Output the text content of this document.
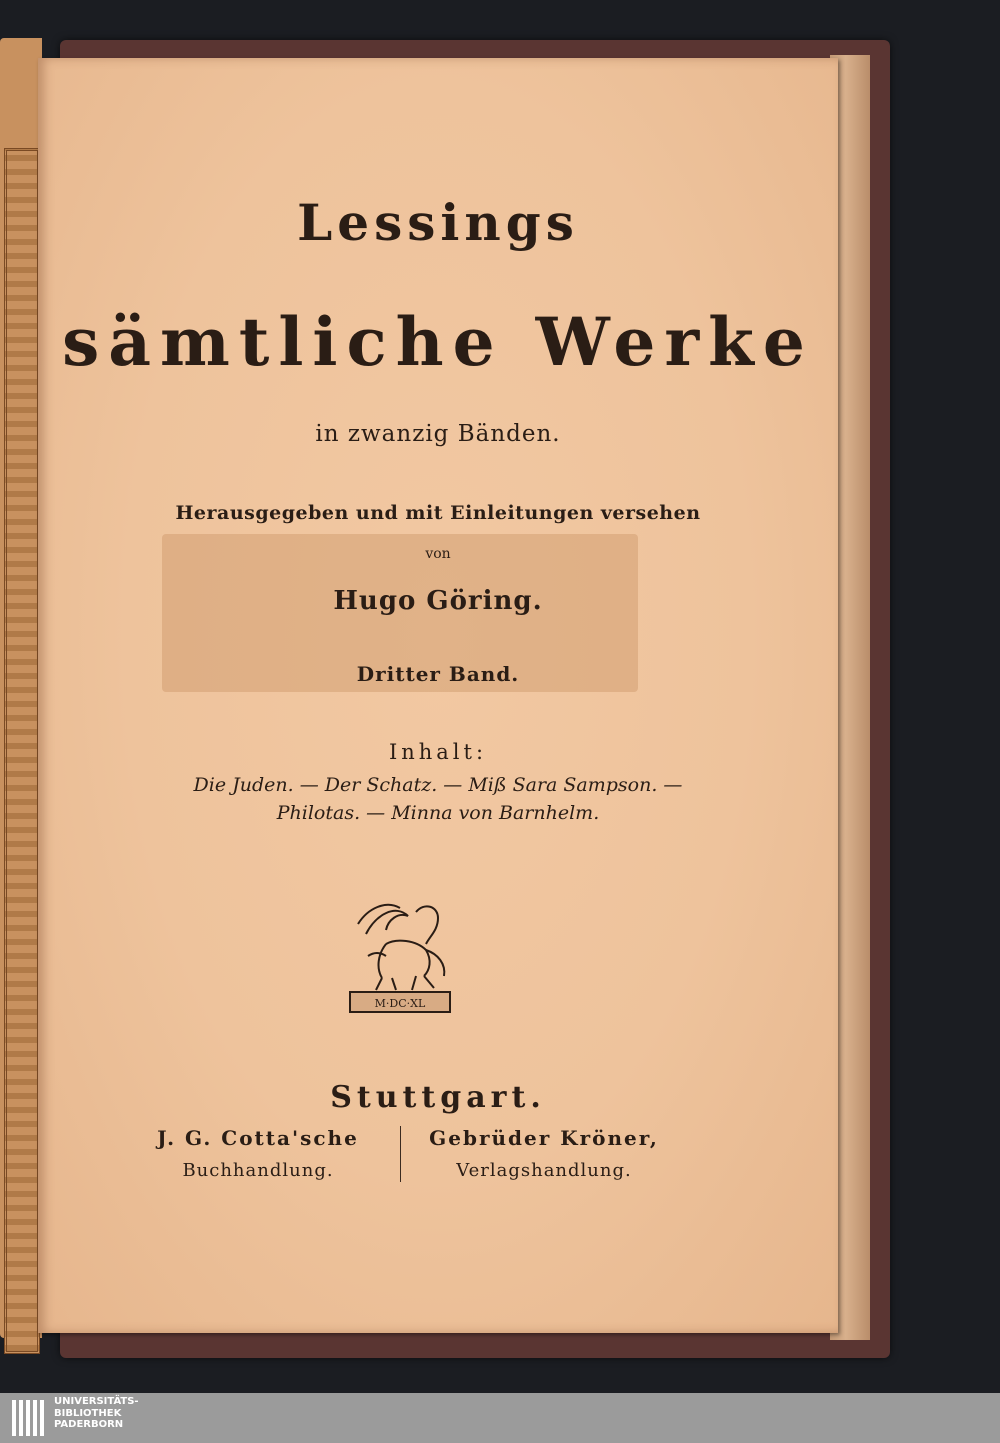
Lessings
sämtliche Werke
in zwanzig Bänden.
Herausgegeben und mit Einleitungen versehen
von
Hugo Göring.
Dritter Band.
Inhalt:
Die Juden. — Der Schatz. — Miß Sara Sampson. —
Philotas. — Minna von Barnhelm.
M·DC·XL
Stuttgart.
J. G. Cotta'sche
Buchhandlung.
Gebrüder Kröner,
Verlagshandlung.
UNIVERSITÄTS-
BIBLIOTHEK
PADERBORN
